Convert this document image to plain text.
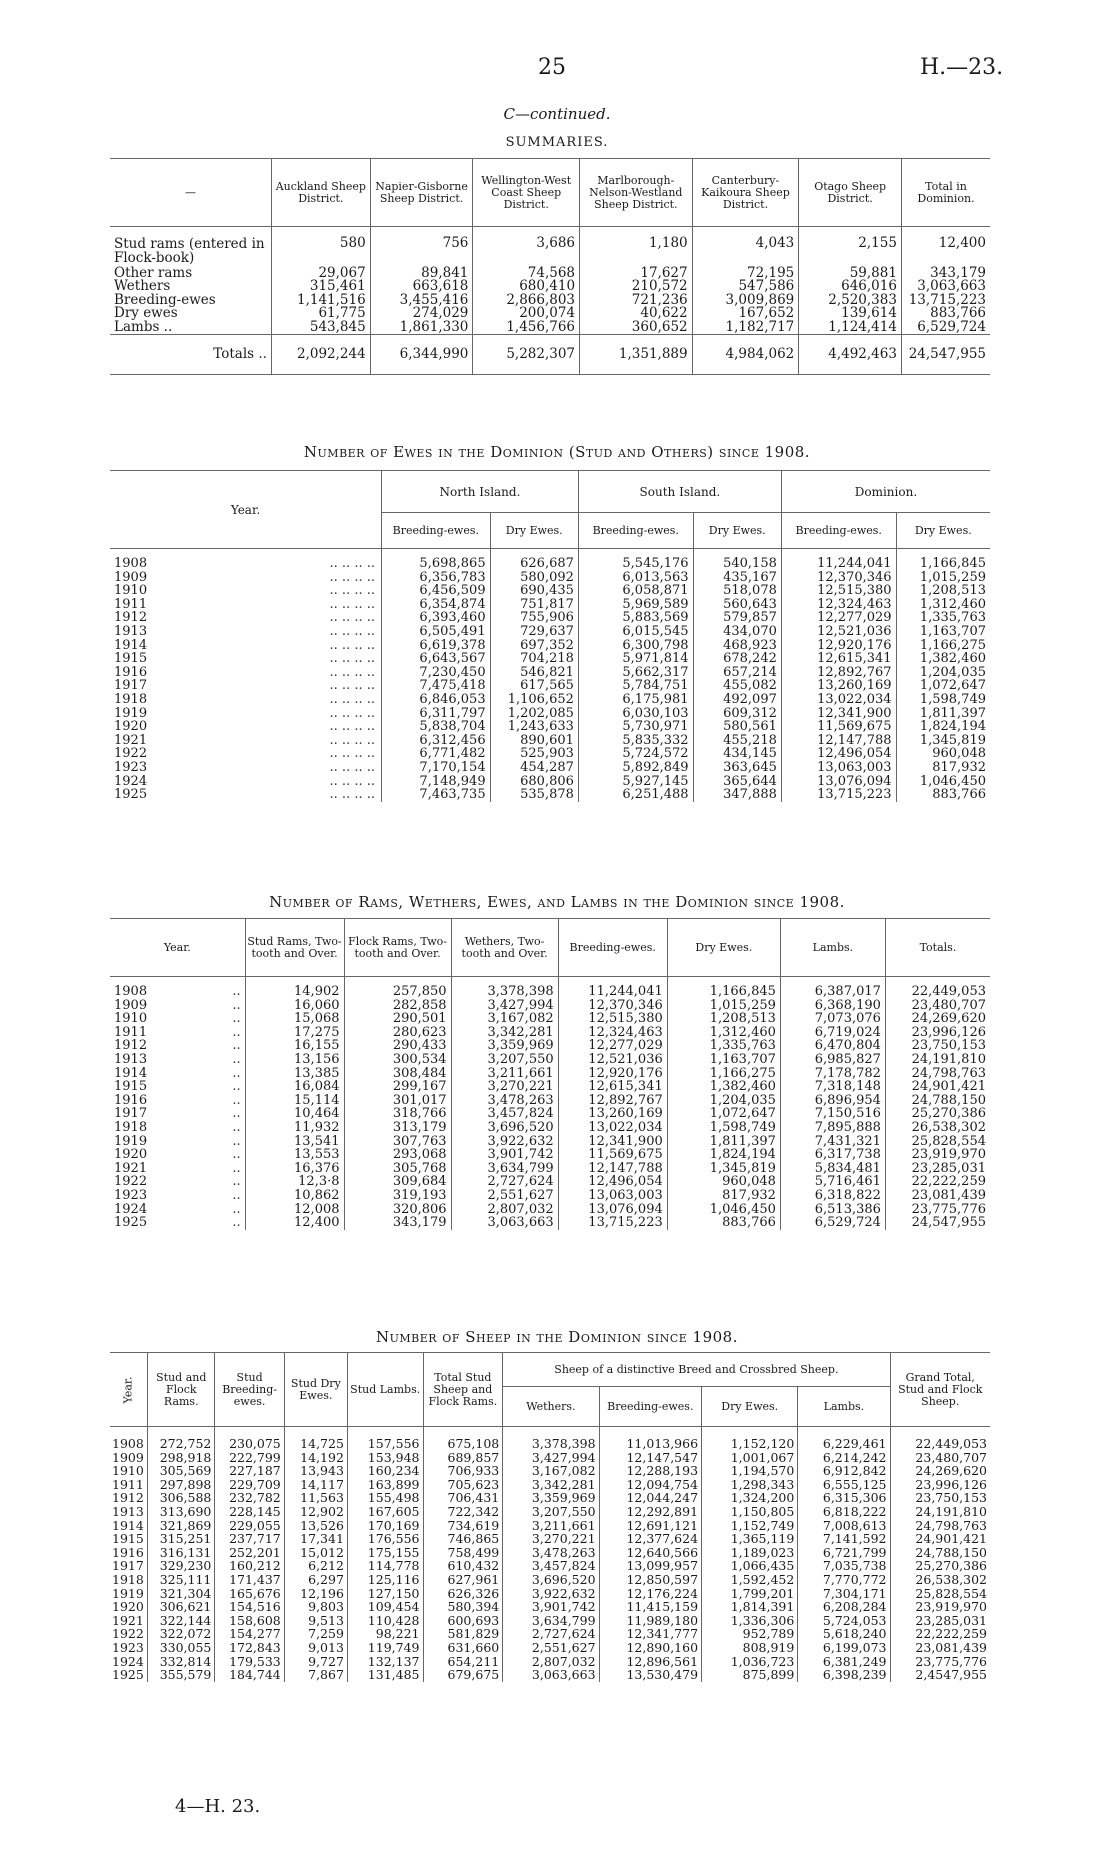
25	H.—23.
C—continued.
SUMMARIES.
—	Auckland Sheep District.	Napier-Gisborne Sheep District.	Wellington-West Coast Sheep District.	Marlborough-Nelson-Westland Sheep District.	Canterbury-Kaikoura Sheep District.	Otago Sheep District.	Total in Dominion.
Stud rams (entered in Flock-book)	580	756	3,686	1,180	4,043	2,155	12,400
Other rams	29,067	89,841	74,568	17,627	72,195	59,881	343,179
Wethers	315,461	663,618	680,410	210,572	547,586	646,016	3,063,663
Breeding-ewes	1,141,516	3,455,416	2,866,803	721,236	3,009,869	2,520,383	13,715,223
Dry ewes	61,775	274,029	200,074	40,622	167,652	139,614	883,766
Lambs ..	543,845	1,861,330	1,456,766	360,652	1,182,717	1,124,414	6,529,724
Totals ..	2,092,244	6,344,990	5,282,307	1,351,889	4,984,062	4,492,463	24,547,955
Number of Ewes in the Dominion (Stud and Others) since 1908.
Year.	North Island.		South Island.		Dominion.	
	Breeding-ewes.	Dry Ewes.	Breeding-ewes.	Dry Ewes.	Breeding-ewes.	Dry Ewes.
1908 .. .. .. ..	5,698,865	626,687	5,545,176	540,158	11,244,041	1,166,845
1909 .. .. .. ..	6,356,783	580,092	6,013,563	435,167	12,370,346	1,015,259
1910 .. .. .. ..	6,456,509	690,435	6,058,871	518,078	12,515,380	1,208,513
1911 .. .. .. ..	6,354,874	751,817	5,969,589	560,643	12,324,463	1,312,460
1912 .. .. .. ..	6,393,460	755,906	5,883,569	579,857	12,277,029	1,335,763
1913 .. .. .. ..	6,505,491	729,637	6,015,545	434,070	12,521,036	1,163,707
1914 .. .. .. ..	6,619,378	697,352	6,300,798	468,923	12,920,176	1,166,275
1915 .. .. .. ..	6,643,567	704,218	5,971,814	678,242	12,615,341	1,382,460
1916 .. .. .. ..	7,230,450	546,821	5,662,317	657,214	12,892,767	1,204,035
1917 .. .. .. ..	7,475,418	617,565	5,784,751	455,082	13,260,169	1,072,647
1918 .. .. .. ..	6,846,053	1,106,652	6,175,981	492,097	13,022,034	1,598,749
1919 .. .. .. ..	6,311,797	1,202,085	6,030,103	609,312	12,341,900	1,811,397
1920 .. .. .. ..	5,838,704	1,243,633	5,730,971	580,561	11,569,675	1,824,194
1921 .. .. .. ..	6,312,456	890,601	5,835,332	455,218	12,147,788	1,345,819
1922 .. .. .. ..	6,771,482	525,903	5,724,572	434,145	12,496,054	960,048
1923 .. .. .. ..	7,170,154	454,287	5,892,849	363,645	13,063,003	817,932
1924 .. .. .. ..	7,148,949	680,806	5,927,145	365,644	13,076,094	1,046,450
1925 .. .. .. ..	7,463,735	535,878	6,251,488	347,888	13,715,223	883,766
Number of Rams, Wethers, Ewes, and Lambs in the Dominion since 1908.
Year.	Stud Rams, Two-tooth and Over.	Flock Rams, Two-tooth and Over.	Wethers, Two-tooth and Over.	Breeding-ewes.	Dry Ewes.	Lambs.	Totals.
1908 ..	14,902	257,850	3,378,398	11,244,041	1,166,845	6,387,017	22,449,053
1909 ..	16,060	282,858	3,427,994	12,370,346	1,015,259	6,368,190	23,480,707
1910 ..	15,068	290,501	3,167,082	12,515,380	1,208,513	7,073,076	24,269,620
1911 ..	17,275	280,623	3,342,281	12,324,463	1,312,460	6,719,024	23,996,126
1912 ..	16,155	290,433	3,359,969	12,277,029	1,335,763	6,470,804	23,750,153
1913 ..	13,156	300,534	3,207,550	12,521,036	1,163,707	6,985,827	24,191,810
1914 ..	13,385	308,484	3,211,661	12,920,176	1,166,275	7,178,782	24,798,763
1915 ..	16,084	299,167	3,270,221	12,615,341	1,382,460	7,318,148	24,901,421
1916 ..	15,114	301,017	3,478,263	12,892,767	1,204,035	6,896,954	24,788,150
1917 ..	10,464	318,766	3,457,824	13,260,169	1,072,647	7,150,516	25,270,386
1918 ..	11,932	313,179	3,696,520	13,022,034	1,598,749	7,895,888	26,538,302
1919 ..	13,541	307,763	3,922,632	12,341,900	1,811,397	7,431,321	25,828,554
1920 ..	13,553	293,068	3,901,742	11,569,675	1,824,194	6,317,738	23,919,970
1921 ..	16,376	305,768	3,634,799	12,147,788	1,345,819	5,834,481	23,285,031
1922 ..	12,3·8	309,684	2,727,624	12,496,054	960,048	5,716,461	22,222,259
1923 ..	10,862	319,193	2,551,627	13,063,003	817,932	6,318,822	23,081,439
1924 ..	12,008	320,806	2,807,032	13,076,094	1,046,450	6,513,386	23,775,776
1925 ..	12,400	343,179	3,063,663	13,715,223	883,766	6,529,724	24,547,955
Number of Sheep in the Dominion since 1908.
Year.	Stud and Flock Rams.	Stud Breeding-ewes.	Stud Dry Ewes.	Stud Lambs.	Total Stud Sheep and Flock Rams.	Sheep of a distinctive Breed and Crossbred Sheep.				Grand Total, Stud and Flock Sheep.
						Wethers.	Breeding-ewes.	Dry Ewes.	Lambs.	
1908	272,752	230,075	14,725	157,556	675,108	3,378,398	11,013,966	1,152,120	6,229,461	22,449,053
1909	298,918	222,799	14,192	153,948	689,857	3,427,994	12,147,547	1,001,067	6,214,242	23,480,707
1910	305,569	227,187	13,943	160,234	706,933	3,167,082	12,288,193	1,194,570	6,912,842	24,269,620
1911	297,898	229,709	14,117	163,899	705,623	3,342,281	12,094,754	1,298,343	6,555,125	23,996,126
1912	306,588	232,782	11,563	155,498	706,431	3,359,969	12,044,247	1,324,200	6,315,306	23,750,153
1913	313,690	228,145	12,902	167,605	722,342	3,207,550	12,292,891	1,150,805	6,818,222	24,191,810
1914	321,869	229,055	13,526	170,169	734,619	3,211,661	12,691,121	1,152,749	7,008,613	24,798,763
1915	315,251	237,717	17,341	176,556	746,865	3,270,221	12,377,624	1,365,119	7,141,592	24,901,421
1916	316,131	252,201	15,012	175,155	758,499	3,478,263	12,640,566	1,189,023	6,721,799	24,788,150
1917	329,230	160,212	6,212	114,778	610,432	3,457,824	13,099,957	1,066,435	7,035,738	25,270,386
1918	325,111	171,437	6,297	125,116	627,961	3,696,520	12,850,597	1,592,452	7,770,772	26,538,302
1919	321,304	165,676	12,196	127,150	626,326	3,922,632	12,176,224	1,799,201	7,304,171	25,828,554
1920	306,621	154,516	9,803	109,454	580,394	3,901,742	11,415,159	1,814,391	6,208,284	23,919,970
1921	322,144	158,608	9,513	110,428	600,693	3,634,799	11,989,180	1,336,306	5,724,053	23,285,031
1922	322,072	154,277	7,259	98,221	581,829	2,727,624	12,341,777	952,789	5,618,240	22,222,259
1923	330,055	172,843	9,013	119,749	631,660	2,551,627	12,890,160	808,919	6,199,073	23,081,439
1924	332,814	179,533	9,727	132,137	654,211	2,807,032	12,896,561	1,036,723	6,381,249	23,775,776
1925	355,579	184,744	7,867	131,485	679,675	3,063,663	13,530,479	875,899	6,398,239	2,4547,955
4—H. 23.
